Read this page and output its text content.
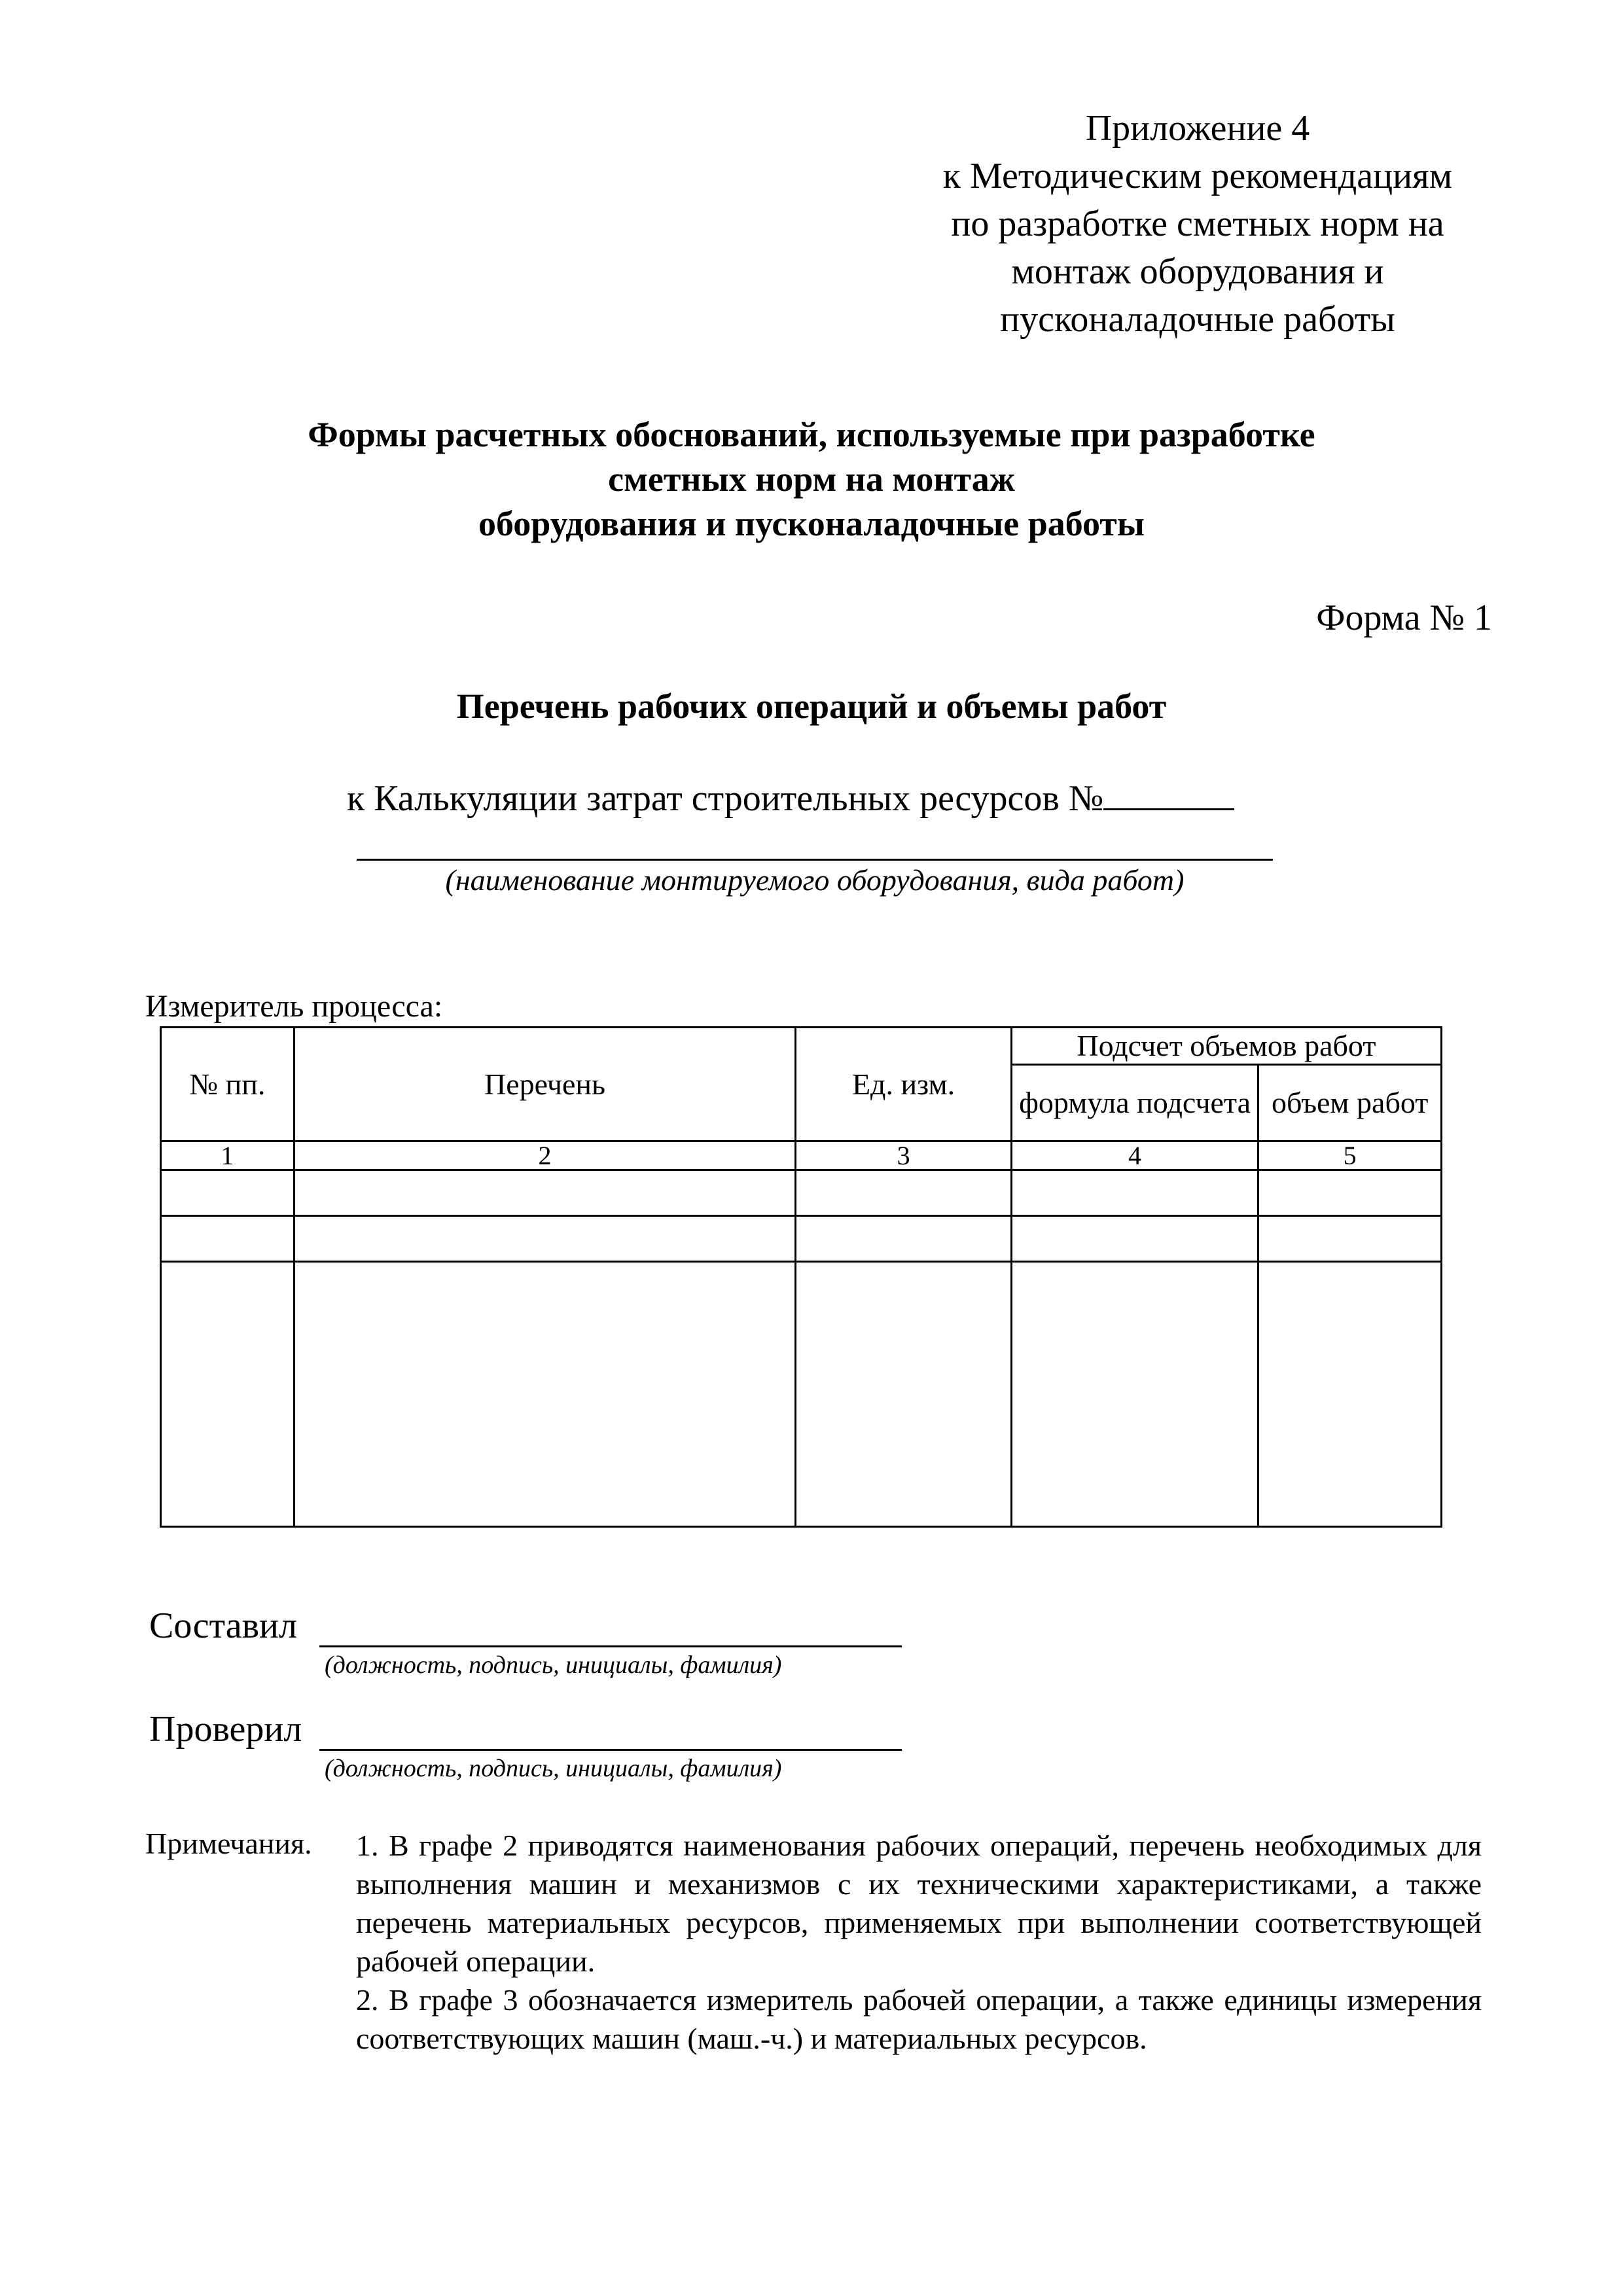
Приложение 4
к Методическим рекомендациям
по разработке сметных норм на
монтаж оборудования и
пусконаладочные работы
Формы расчетных обоснований, используемые при разработке
сметных норм на монтаж
оборудования и пусконаладочные работы
Форма № 1
Перечень рабочих операций и объемы работ
к Калькуляции затрат строительных ресурсов №
(наименование монтируемого оборудования, вида работ)
Измеритель процесса:
№ пп.	Перечень	Ед. изм.	Подсчет объемов работ	
			формула подсчета	объем работ
1	2	3	4	5

Составил
(должность, подпись, инициалы, фамилия)
Проверил
(должность, подпись, инициалы, фамилия)
Примечания. 1. В графе 2 приводятся наименования рабочих операций, перечень необходимых для выполнения машин и механизмов с их техническими характеристиками, а также перечень материальных ресурсов, применяемых при выполнении соответствующей рабочей операции.

2. В графе 3 обозначается измеритель рабочей операции, а также единицы измерения соответствующих машин (маш.-ч.) и материальных ресурсов.
